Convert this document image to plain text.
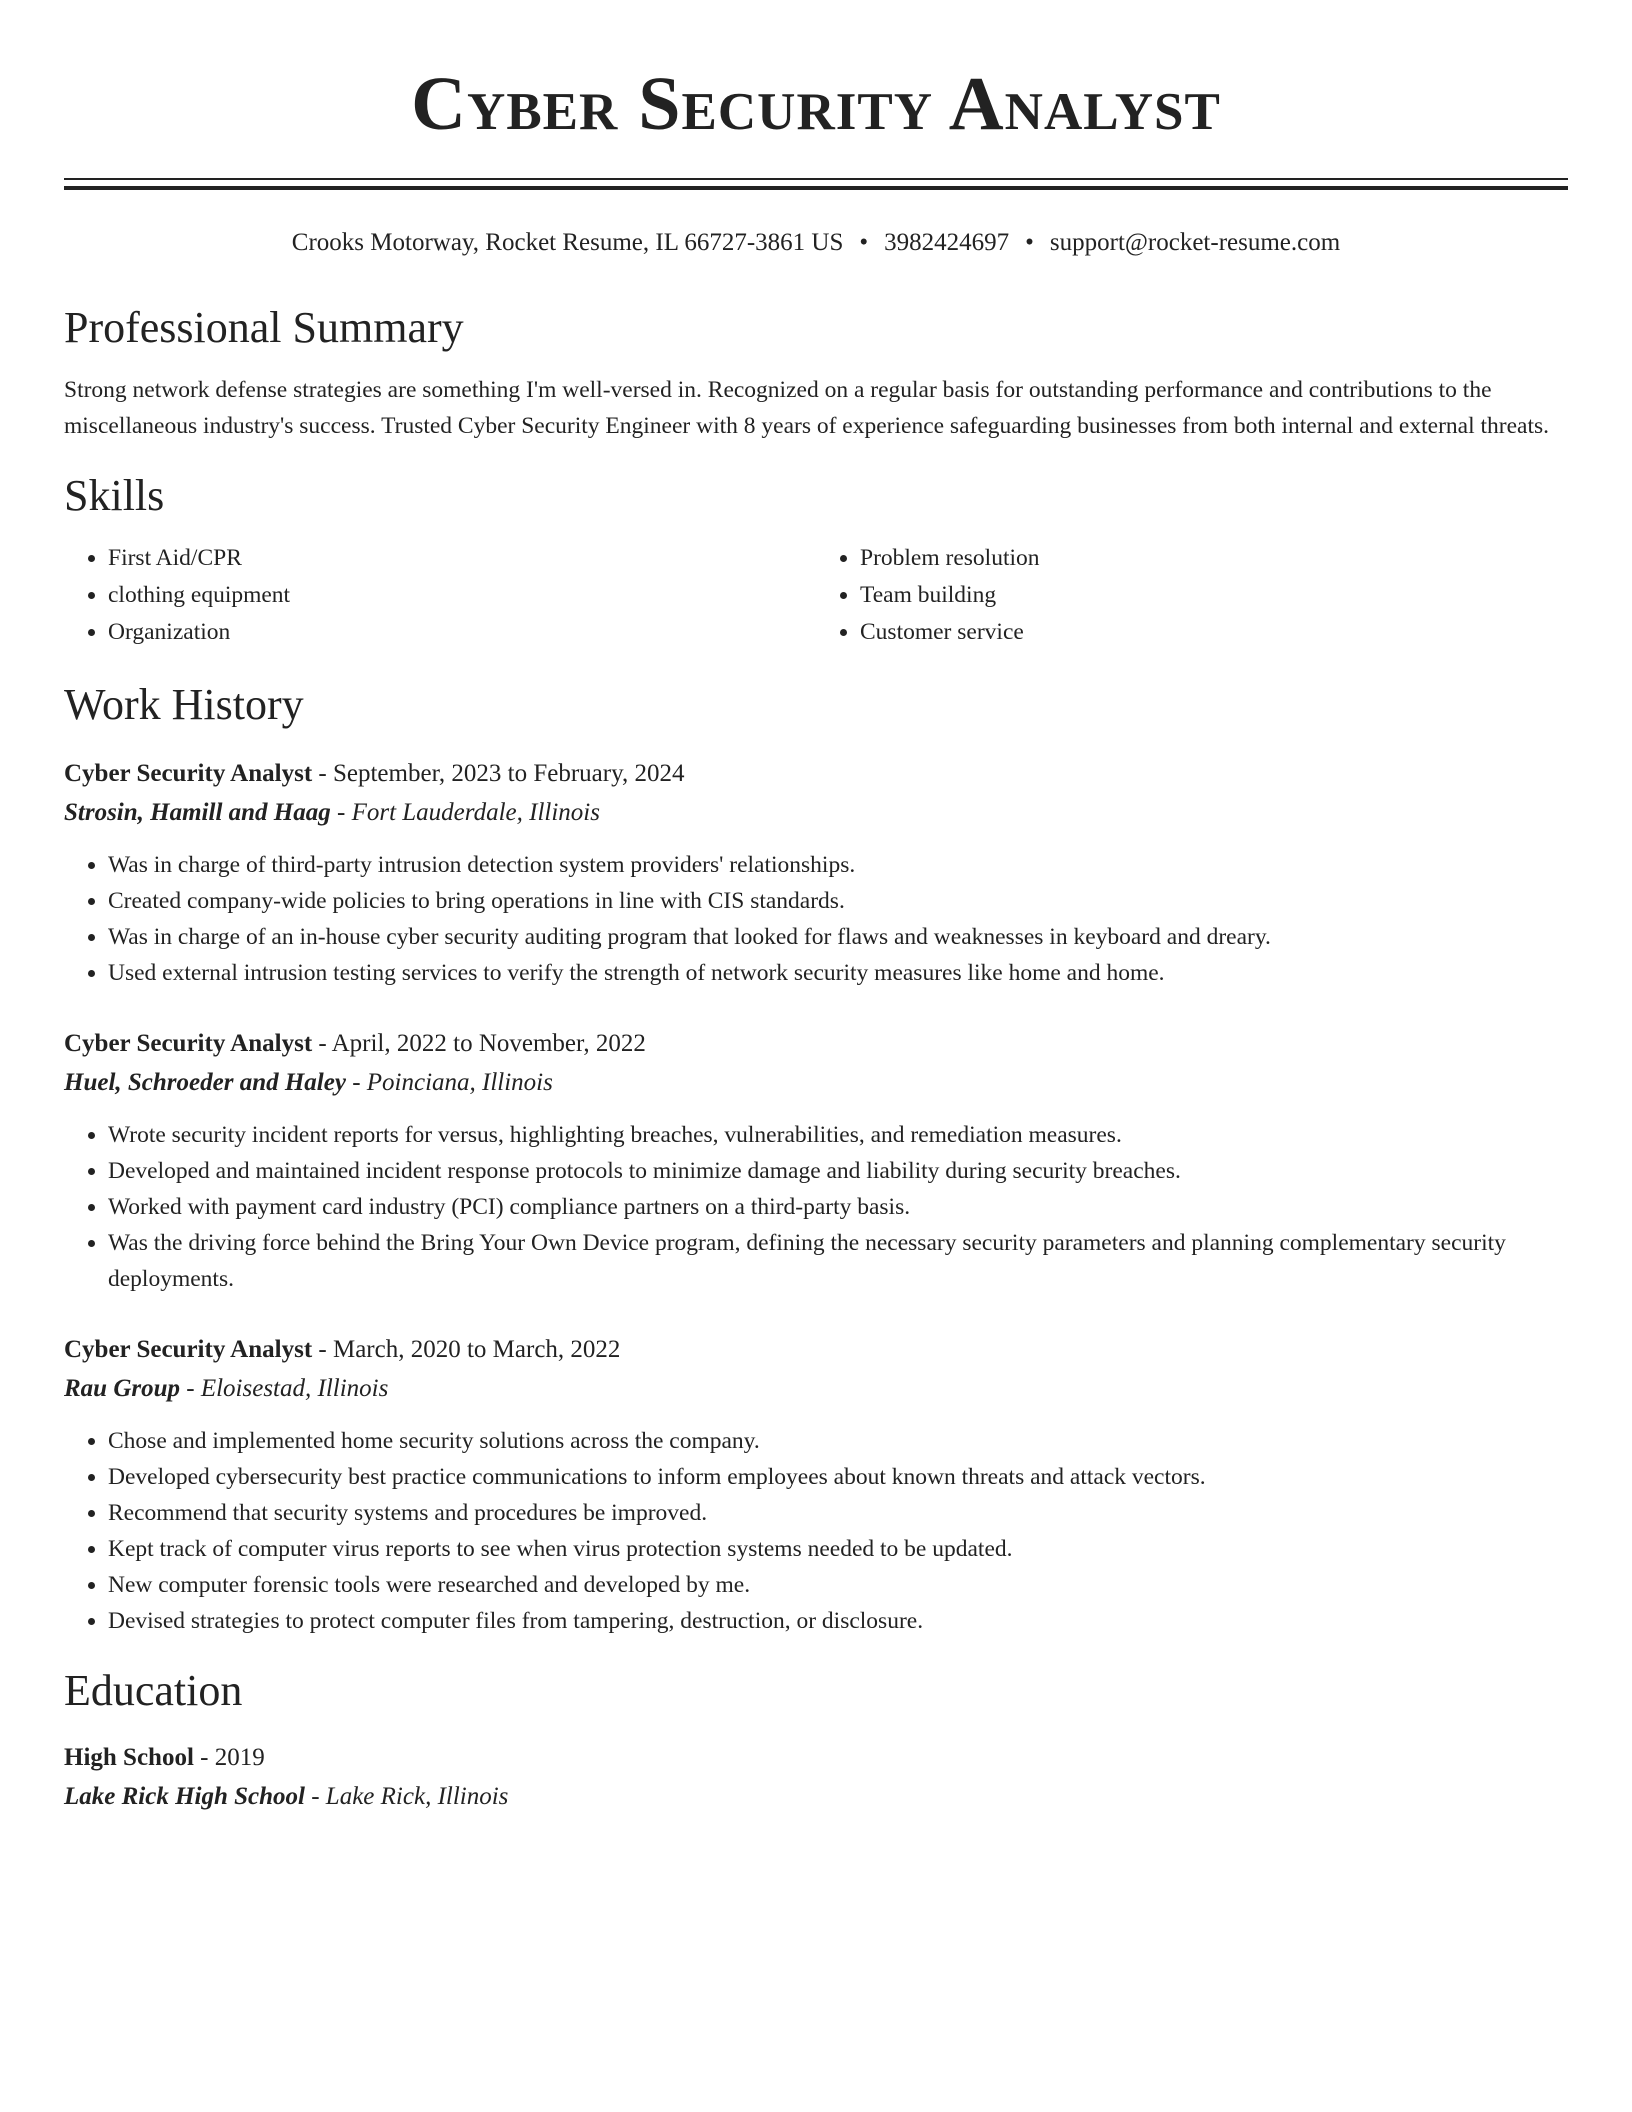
Cyber Security Analyst
Crooks Motorway, Rocket Resume, IL 66727-3861 US • 3982424697 • support@rocket-resume.com
Professional Summary

Strong network defense strategies are something I'm well-versed in. Recognized on a regular basis for outstanding performance and contributions to the miscellaneous industry's success. Trusted Cyber Security Engineer with 8 years of experience safeguarding businesses from both internal and external threats.

Skills
• First Aid/CPR
• clothing equipment
• Organization
• Problem resolution
• Team building
• Customer service
Work History
Cyber Security Analyst - September, 2023 to February, 2024
Strosin, Hamill and Haag - Fort Lauderdale, Illinois
• Was in charge of third-party intrusion detection system providers' relationships.
• Created company-wide policies to bring operations in line with CIS standards.
• Was in charge of an in-house cyber security auditing program that looked for flaws and weaknesses in keyboard and dreary.
• Used external intrusion testing services to verify the strength of network security measures like home and home.
Cyber Security Analyst - April, 2022 to November, 2022
Huel, Schroeder and Haley - Poinciana, Illinois
• Wrote security incident reports for versus, highlighting breaches, vulnerabilities, and remediation measures.
• Developed and maintained incident response protocols to minimize damage and liability during security breaches.
• Worked with payment card industry (PCI) compliance partners on a third-party basis.
• Was the driving force behind the Bring Your Own Device program, defining the necessary security parameters and planning complementary security deployments.
Cyber Security Analyst - March, 2020 to March, 2022
Rau Group - Eloisestad, Illinois
• Chose and implemented home security solutions across the company.
• Developed cybersecurity best practice communications to inform employees about known threats and attack vectors.
• Recommend that security systems and procedures be improved.
• Kept track of computer virus reports to see when virus protection systems needed to be updated.
• New computer forensic tools were researched and developed by me.
• Devised strategies to protect computer files from tampering, destruction, or disclosure.
Education
High School - 2019
Lake Rick High School - Lake Rick, Illinois
